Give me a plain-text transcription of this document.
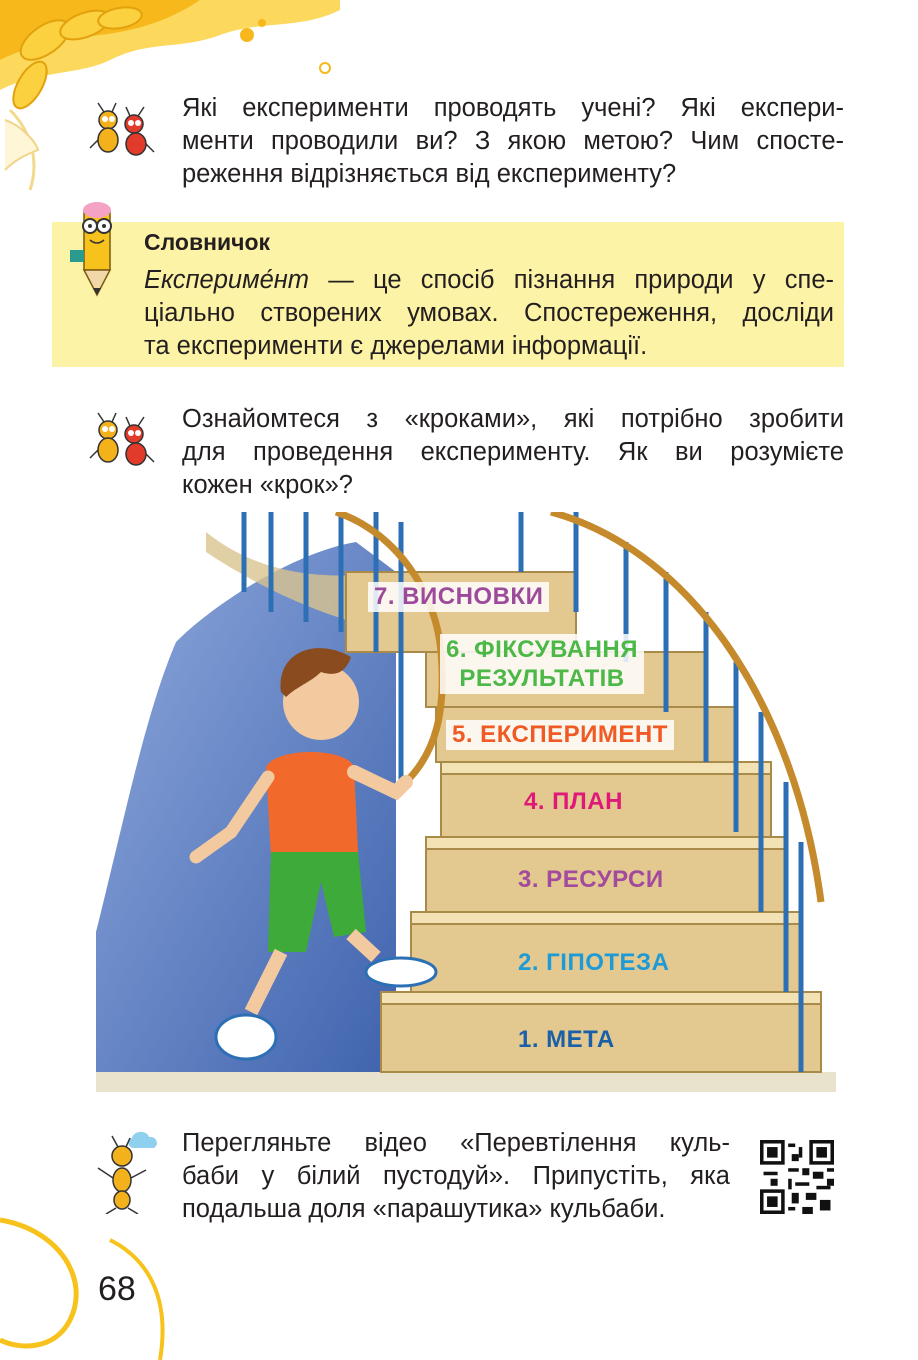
Які експерименти проводять учені? Які експери-
менти проводили ви? З якою метою? Чим спосте-
реження відрізняється від експерименту?
Словничок
Експериме́нт — це спосіб пізнання природи у спе-
ціально створених умовах. Спостереження, досліди
та експерименти є джерелами інформації.
Ознайомтеся з «кроками», які потрібно зробити
для проведення експерименту. Як ви розумієте
кожен «крок»?
7. ВИСНОВКИ
6. ФІКСУВАННЯ
РЕЗУЛЬТАТІВ
5. ЕКСПЕРИМЕНТ
4. ПЛАН
3. РЕСУРСИ
2. ГІПОТЕЗА
1. МЕТА
Перегляньте відео «Перевтілення куль-
баби у білий пустодуй». Припустіть, яка
подальша доля «парашутика» кульбаби.
68
